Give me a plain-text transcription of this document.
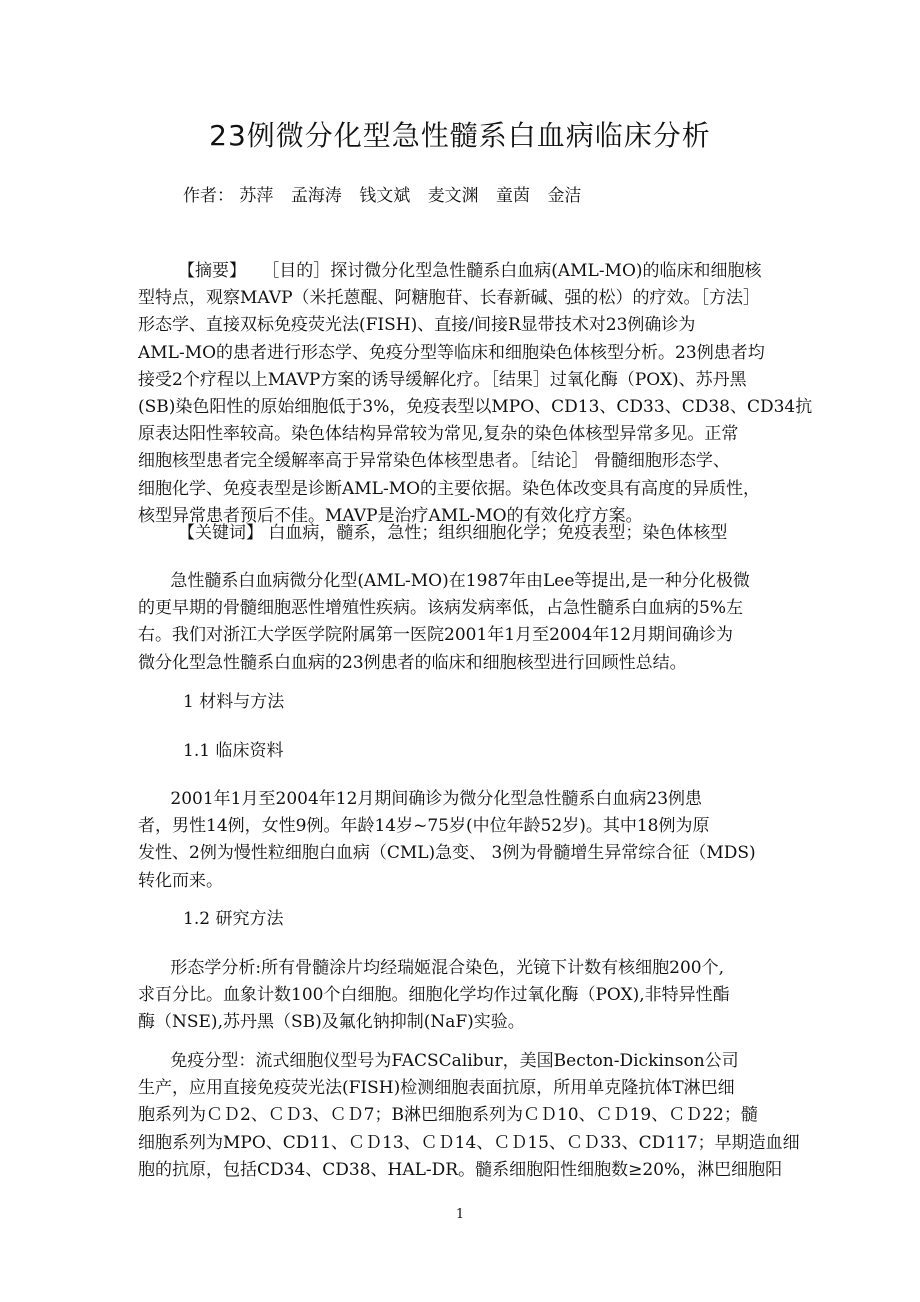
23例微分化型急性髓系白血病临床分析
作者： 苏萍 孟海涛 钱文斌 麦文渊 童茵 金洁
【摘要】   ［目的］探讨微分化型急性髓系白血病(AML-MO)的临床和细胞核
型特点，观察MAVP（米托蒽醌、阿糖胞苷、长春新碱、强的松）的疗效。［方法］
形态学、直接双标免疫荧光法(FISH)、直接/间接R显带技术对23例确诊为
AML-MO的患者进行形态学、免疫分型等临床和细胞染色体核型分析。23例患者均
接受2个疗程以上MAVP方案的诱导缓解化疗。［结果］过氧化酶（POX)、苏丹黑
(SB)染色阳性的原始细胞低于3%，免疫表型以MPO、CD13、CD33、CD38、CD34抗
原表达阳性率较高。染色体结构异常较为常见,复杂的染色体核型异常多见。正常
细胞核型患者完全缓解率高于异常染色体核型患者。［结论］ 骨髓细胞形态学、
细胞化学、免疫表型是诊断AML-MO的主要依据。染色体改变具有高度的异质性，
核型异常患者预后不佳。MAVP是治疗AML-MO的有效化疗方案。
【关键词】 白血病，髓系，急性；组织细胞化学；免疫表型；染色体核型
急性髓系白血病微分化型(AML-MO)在1987年由Lee等提出,是一种分化极微
的更早期的骨髓细胞恶性增殖性疾病。该病发病率低，占急性髓系白血病的5%左
右。我们对浙江大学医学院附属第一医院2001年1月至2004年12月期间确诊为
微分化型急性髓系白血病的23例患者的临床和细胞核型进行回顾性总结。
1 材料与方法
1.1 临床资料
2001年1月至2004年12月期间确诊为微分化型急性髓系白血病23例患
者，男性14例，女性9例。年龄14岁~75岁(中位年龄52岁)。其中18例为原
发性、2例为慢性粒细胞白血病（CML)急变、 3例为骨髓增生异常综合征（MDS)
转化而来。
1.2 研究方法
形态学分析:所有骨髓涂片均经瑞姬混合染色，光镜下计数有核细胞200个,
求百分比。血象计数100个白细胞。细胞化学均作过氧化酶（POX),非特异性酯
酶（NSE),苏丹黑（SB)及氟化钠抑制(NaF)实验。
免疫分型：流式细胞仪型号为FACSCalibur，美国Becton-Dickinson公司
生产，应用直接免疫荧光法(FISH)检测细胞表面抗原，所用单克隆抗体T淋巴细
胞系列为ＣＤ2、ＣＤ3、ＣＤ7；B淋巴细胞系列为ＣＤ10、ＣＤ19、ＣＤ22；髓
细胞系列为MPO、CD11、ＣＤ13、ＣＤ14、ＣＤ15、ＣＤ33、CD117；早期造血细
胞的抗原，包括CD34、CD38、HAL-DR。髓系细胞阳性细胞数≥20%，淋巴细胞阳
1
